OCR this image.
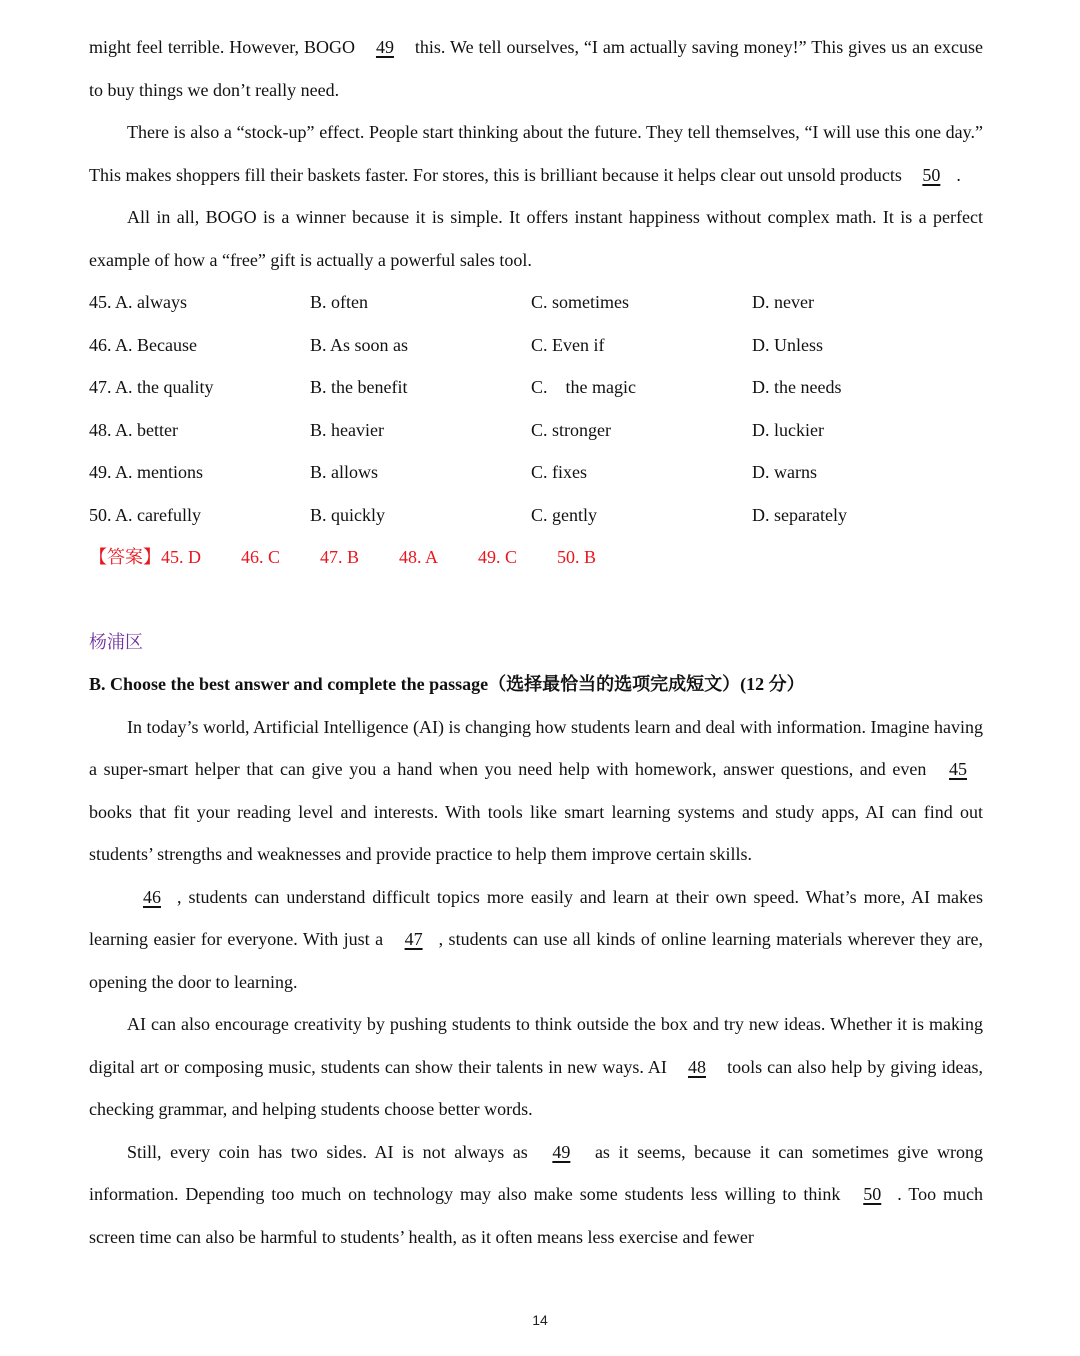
might feel terrible. However, BOGO 49 this. We tell ourselves, “I am actually saving money!” This gives us an excuse to buy things we don’t really need.

There is also a “stock-up” effect. People start thinking about the future. They tell themselves, “I will use this one day.” This makes shoppers fill their baskets faster. For stores, this is brilliant because it helps clear out unsold products 50 .

All in all, BOGO is a winner because it is simple. It offers instant happiness without complex math. It is a perfect example of how a “free” gift is actually a powerful sales tool.

45. A. always	B. often	C. sometimes	D. never
46. A. Because	B. As soon as	C. Even if	D. Unless
47. A. the quality	B. the benefit	C.    the magic	D. the needs
48. A. better	B. heavier	C. stronger	D. luckier
49. A. mentions	B. allows	C. fixes	D. warns
50. A. carefully	B. quickly	C. gently	D. separately
【答案】 45. D	46. C	47. B	48. A	49. C	50. B
杨浦区
B. Choose the best answer and complete the passage（选择最恰当的选项完成短文）(12 分）

In today’s world, Artificial Intelligence (AI) is changing how students learn and deal with information. Imagine having a super-smart helper that can give you a hand when you need help with homework, answer questions, and even 45 books that fit your reading level and interests. With tools like smart learning systems and study apps, AI can find out students’ strengths and weaknesses and provide practice to help them improve certain skills.

46 , students can understand difficult topics more easily and learn at their own speed. What’s more, AI makes learning easier for everyone. With just a 47 , students can use all kinds of online learning materials wherever they are, opening the door to learning.

AI can also encourage creativity by pushing students to think outside the box and try new ideas. Whether it is making digital art or composing music, students can show their talents in new ways. AI 48 tools can also help by giving ideas, checking grammar, and helping students choose better words.

Still, every coin has two sides. AI is not always as 49 as it seems, because it can sometimes give wrong information. Depending too much on technology may also make some students less willing to think 50 . Too much screen time can also be harmful to students’ health, as it often means less exercise and fewer

14
